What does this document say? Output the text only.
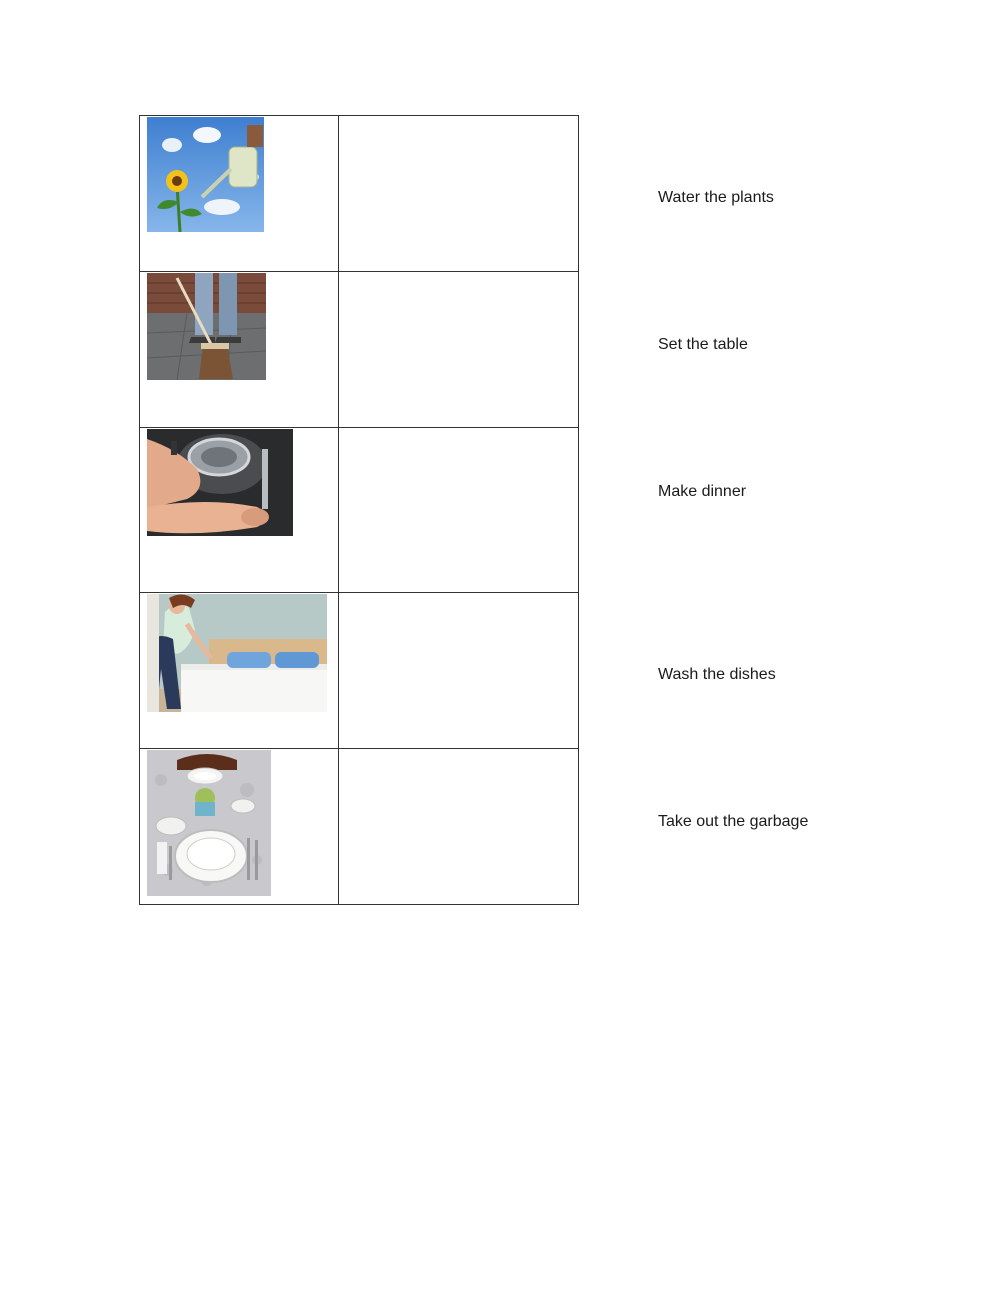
Water the plants
Set the table
Make dinner
Wash the dishes
Take out the garbage
